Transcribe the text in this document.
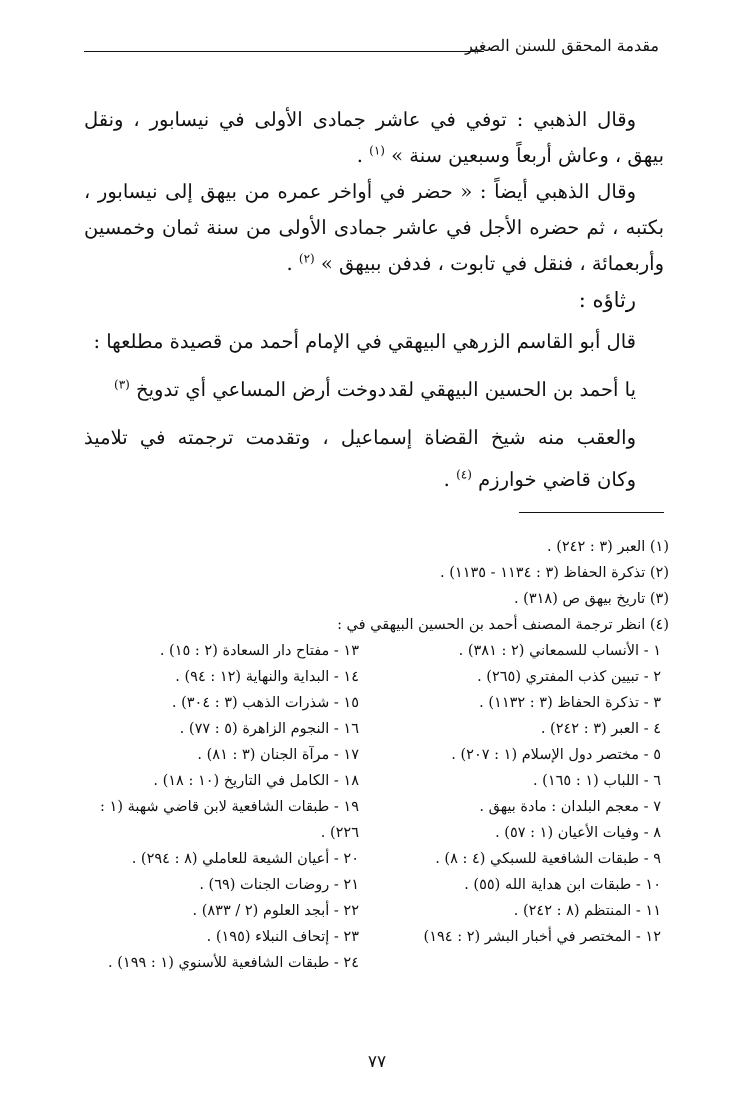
مقدمة المحقق للسنن الصغير
وقال الذهبي : توفي في عاشر جمادى الأولى في نيسابور ، ونقل
بيهق ، وعاش أربعاً وسبعين سنة » $^{(١)}$ .
وقال الذهبي أيضاً : « حضر في أواخر عمره من بيهق إلى نيسابور ،
بكتبه ، ثم حضره الأجل في عاشر جمادى الأولى من سنة ثمان وخمسين
وأربعمائة ، فنقل في تابوت ، فدفن ببيهق » $^{(٢)}$ .
رثاؤه :
قال أبو القاسم الزرهي البيهقي في الإمام أحمد من قصيدة مطلعها :
يا أحمد بن الحسين البيهقي لقد
دوخت أرض المساعي أي تدويخ $^{(٣)}$
والعقب منه شيخ القضاة إسماعيل ، وتقدمت ترجمته في تلاميذ
وكان قاضي خوارزم $^{(٤)}$ .
(١) العبر (٣ : ٢٤٢) .
(٢) تذكرة الحفاظ (٣ : ١١٣٤ - ١١٣٥) .
(٣) تاريخ بيهق ص (٣١٨) .
(٤) انظر ترجمة المصنف أحمد بن الحسين البيهقي في :
١ - الأنساب للسمعاني (٢ : ٣٨١) .
٢ - تبيين كذب المفتري (٢٦٥) .
٣ - تذكرة الحفاظ (٣ : ١١٣٢) .
٤ - العبر (٣ : ٢٤٢) .
٥ - مختصر دول الإسلام (١ : ٢٠٧) .
٦ - اللباب (١ : ١٦٥) .
٧ - معجم البلدان : مادة بيهق .
٨ - وفيات الأعيان (١ : ٥٧) .
٩ - طبقات الشافعية للسبكي (٤ : ٨) .
١٠ - طبقات ابن هداية الله (٥٥) .
١١ - المنتظم (٨ : ٢٤٢) .
١٢ - المختصر في أخبار البشر (٢ : ١٩٤)
١٣ - مفتاح دار السعادة (٢ : ١٥) .
١٤ - البداية والنهاية (١٢ : ٩٤) .
١٥ - شذرات الذهب (٣ : ٣٠٤) .
١٦ - النجوم الزاهرة (٥ : ٧٧) .
١٧ - مرآة الجنان (٣ : ٨١) .
١٨ - الكامل في التاريخ (١٠ : ١٨) .
١٩ - طبقات الشافعية لابن قاضي شهبة (١ :
٢٢٦) .
٢٠ - أعيان الشيعة للعاملي (٨ : ٢٩٤) .
٢١ - روضات الجنات (٦٩) .
٢٢ - أبجد العلوم (٢ / ٨٣٣) .
٢٣ - إتحاف النبلاء (١٩٥) .
٢٤ - طبقات الشافعية للأسنوي (١ : ١٩٩) .
٧٧
